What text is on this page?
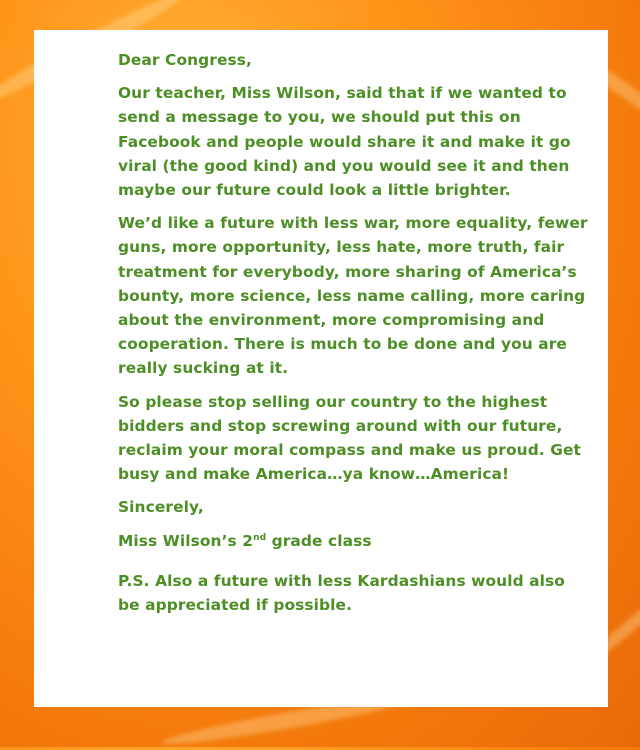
Dear Congress,

Our teacher, Miss Wilson, said that if we wanted to send a message to you, we should put this on Facebook and people would share it and make it go viral (the good kind) and you would see it and then maybe our future could look a little brighter.

We’d like a future with less war, more equality, fewer guns, more opportunity, less hate, more truth, fair treatment for everybody, more sharing of America’s bounty, more science, less name calling, more caring about the environment, more compromising and cooperation. There is much to be done and you are really sucking at it.

So please stop selling our country to the highest bidders and stop screwing around with our future, reclaim your moral compass and make us proud. Get busy and make America…ya know…America!

Sincerely,

Miss Wilson’s 2nd grade class

P.S. Also a future with less Kardashians would also be appreciated if possible.
